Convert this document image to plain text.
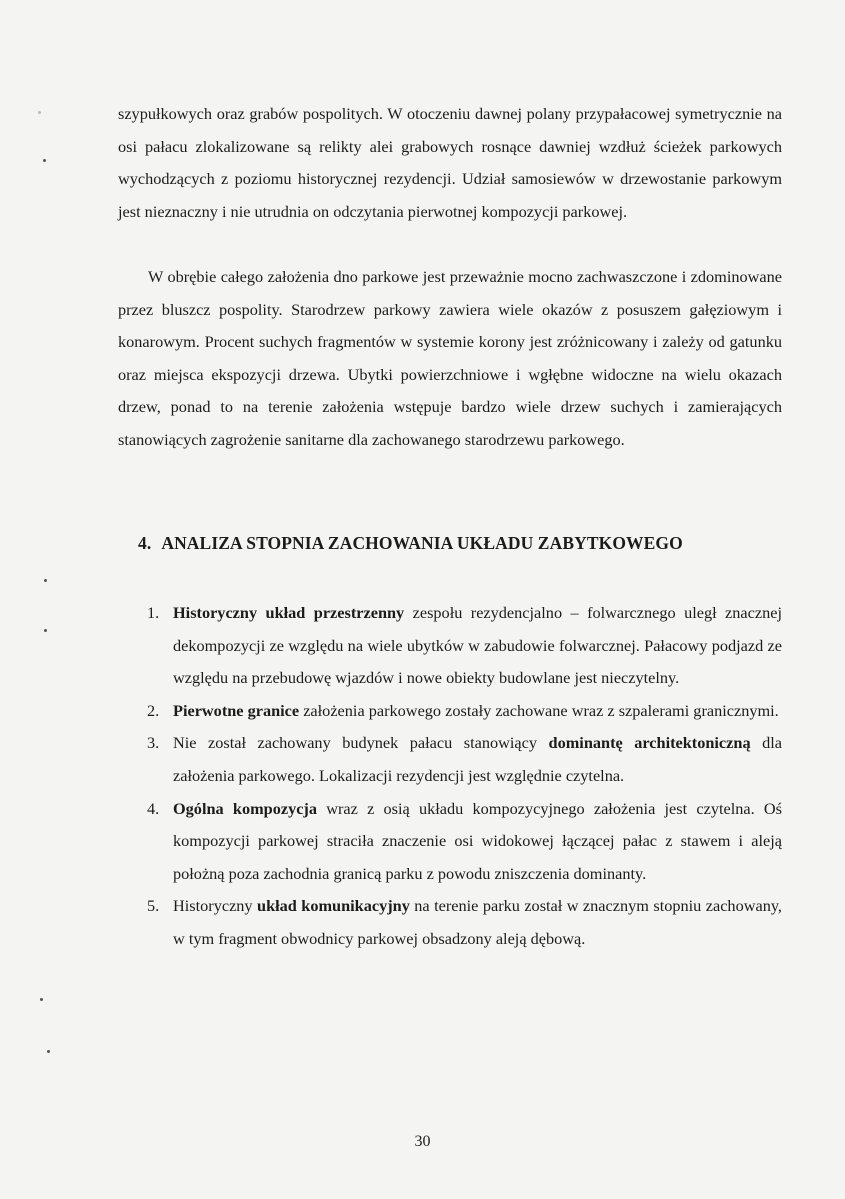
szypułkowych oraz grabów pospolitych. W otoczeniu dawnej polany przypałacowej symetrycznie na osi pałacu zlokalizowane są relikty alei grabowych rosnące dawniej wzdłuż ścieżek parkowych wychodzących z poziomu historycznej rezydencji. Udział samosiewów w drzewostanie parkowym jest nieznaczny i nie utrudnia on odczytania pierwotnej kompozycji parkowej.
W obrębie całego założenia dno parkowe jest przeważnie mocno zachwaszczone i zdominowane przez bluszcz pospolity. Starodrzew parkowy zawiera wiele okazów z posuszem gałęziowym i konarowym. Procent suchych fragmentów w systemie korony jest zróżnicowany i zależy od gatunku oraz miejsca ekspozycji drzewa. Ubytki powierzchniowe i wgłębne widoczne na wielu okazach drzew, ponad to na terenie założenia wstępuje bardzo wiele drzew suchych i zamierających stanowiących zagrożenie sanitarne dla zachowanego starodrzewu parkowego.
4. ANALIZA STOPNIA ZACHOWANIA UKŁADU ZABYTKOWEGO
1. Historyczny układ przestrzenny zespołu rezydencjalno – folwarcznego uległ znacznej dekompozycji ze względu na wiele ubytków w zabudowie folwarcznej. Pałacowy podjazd ze względu na przebudowę wjazdów i nowe obiekty budowlane jest nieczytelny.
2. Pierwotne granice założenia parkowego zostały zachowane wraz z szpalerami granicznymi.
3. Nie został zachowany budynek pałacu stanowiący dominantę architektoniczną dla założenia parkowego. Lokalizacji rezydencji jest względnie czytelna.
4. Ogólna kompozycja wraz z osią układu kompozycyjnego założenia jest czytelna. Oś kompozycji parkowej straciła znaczenie osi widokowej łączącej pałac z stawem i aleją położną poza zachodnia granicą parku z powodu zniszczenia dominanty.
5. Historyczny układ komunikacyjny na terenie parku został w znacznym stopniu zachowany, w tym fragment obwodnicy parkowej obsadzony aleją dębową.
30
